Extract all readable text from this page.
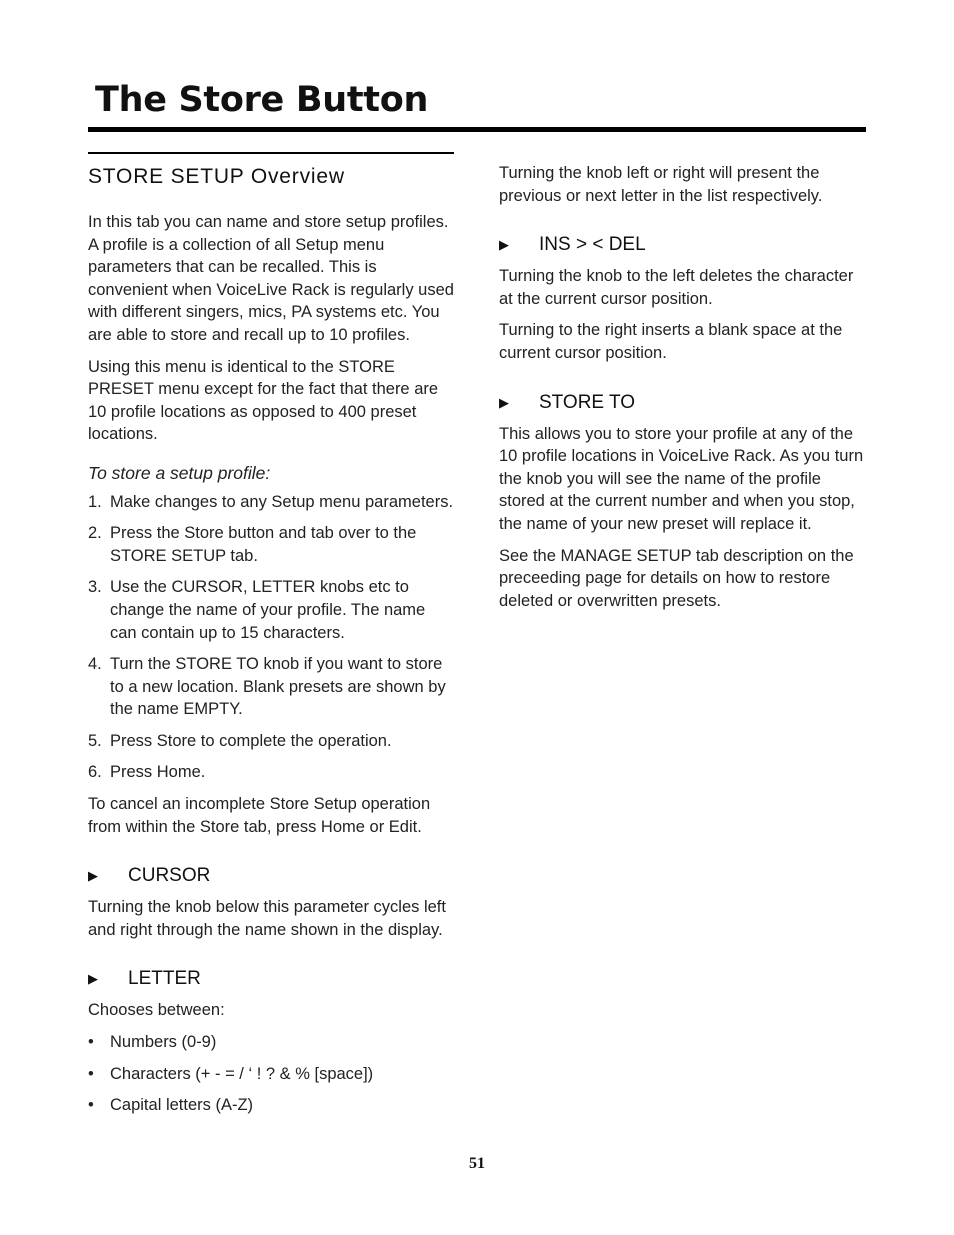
The Store Button
STORE SETUP Overview

In this tab you can name and store setup profiles. A profile is a collection of all Setup menu parameters that can be recalled. This is convenient when VoiceLive Rack is regularly used with different singers, mics, PA systems etc. You are able to store and recall up to 10 profiles.

Using this menu is identical to the STORE PRESET menu except for the fact that there are 10 profile locations as opposed to 400 preset locations.

To store a setup profile:

1. Make changes to any Setup menu parameters.
2. Press the Store button and tab over to the STORE SETUP tab.
3. Use the CURSOR, LETTER knobs etc to change the name of your profile. The name can contain up to 15 characters.
4. Turn the STORE TO knob if you want to store to a new location. Blank presets are shown by the name EMPTY.
5. Press Store to complete the operation.
6. Press Home.

To cancel an incomplete Store Setup operation from within the Store tab, press Home or Edit.

▶	CURSOR

Turning the knob below this parameter cycles left and right through the name shown in the display.

▶	LETTER

Chooses between:

• Numbers (0-9)
• Characters (+ - = / ‘ ! ? & % [space])
• Capital letters (A-Z)

Turning the knob left or right will present the previous or next letter in the list respectively.

▶	INS > < DEL

Turning the knob to the left deletes the character at the current cursor position.

Turning to the right inserts a blank space at the current cursor position.

▶	STORE TO

This allows you to store your profile at any of the 10 profile locations in VoiceLive Rack. As you turn the knob you will see the name of the profile stored at the current number and when you stop, the name of your new preset will replace it.

See the MANAGE SETUP tab description on the preceeding page for details on how to restore deleted or overwritten presets.

51
